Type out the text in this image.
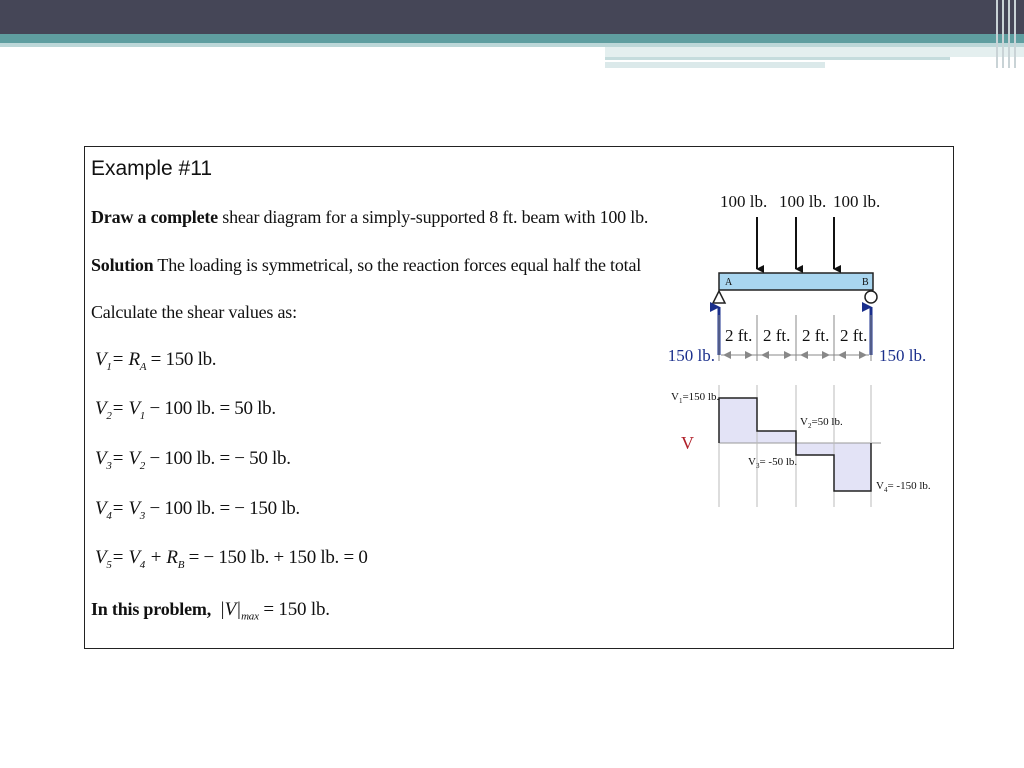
Example #11
Draw a complete shear diagram for a simply-supported 8 ft. beam with 100 lb.
Solution The loading is symmetrical, so the reaction forces equal half the total
Calculate the shear values as:
$V_1= R_A = 150$ lb.
$V_2= V_1 - 100$ lb. = 50 lb.
$V_3= V_2 - 100$ lb. = − 50 lb.
$V_4= V_3 - 100$ lb. = − 150 lb.
$V_5= V_4 + R_B$ = − 150 lb. + 150 lb. = 0
In this problem, $|V|_{max} = 150$ lb.
100 lb. 100 lb. 100 lb.
A	B
150 lb.	150 lb.
2 ft. 2 ft. 2 ft. 2 ft.
V
$V_1=150$ lb.
$V_2=50$ lb.
$V_3= -50$ lb.
$V_4= -150$ lb.
